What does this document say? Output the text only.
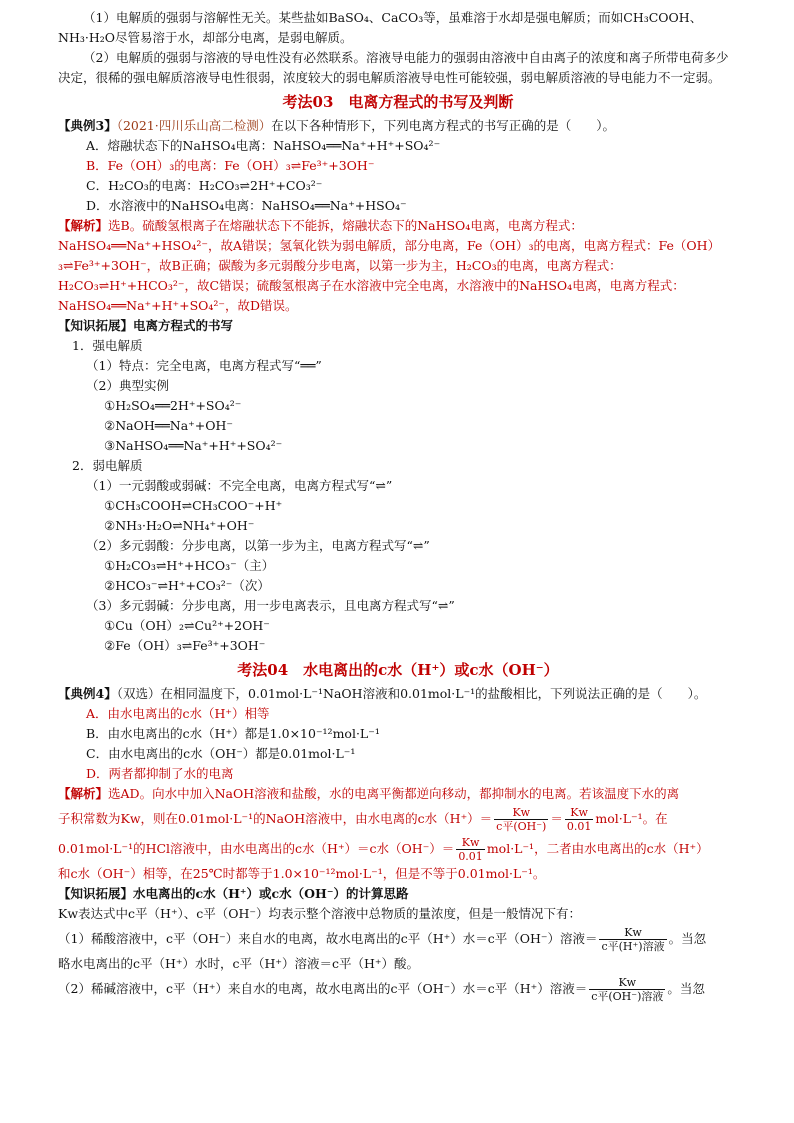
（1）电解质的强弱与溶解性无关。某些盐如BaSO₄、CaCO₃等，虽难溶于水却是强电解质；而如CH₃COOH、NH₃·H₂O尽管易溶于水，却部分电离，是弱电解质。

（2）电解质的强弱与溶液的导电性没有必然联系。溶液导电能力的强弱由溶液中自由离子的浓度和离子所带电荷多少决定，很稀的强电解质溶液导电性很弱，浓度较大的弱电解质溶液导电性可能较强，弱电解质溶液的导电能力不一定弱。

考法03　电离方程式的书写及判断

【典例3】（2021·四川乐山高二检测）在以下各种情形下，下列电离方程式的书写正确的是（　　）。

A．熔融状态下的NaHSO₄电离：NaHSO₄══Na⁺+H⁺+SO₄²⁻

B．Fe（OH）₃的电离：Fe（OH）₃⇌Fe³⁺+3OH⁻

C．H₂CO₃的电离：H₂CO₃⇌2H⁺+CO₃²⁻

D．水溶液中的NaHSO₄电离：NaHSO₄══Na⁺+HSO₄⁻

【解析】选B。硫酸氢根离子在熔融状态下不能拆，熔融状态下的NaHSO₄电离，电离方程式：NaHSO₄══Na⁺+HSO₄²⁻，故A错误；氢氧化铁为弱电解质，部分电离，Fe（OH）₃的电离，电离方程式：Fe（OH）₃⇌Fe³⁺+3OH⁻，故B正确；碳酸为多元弱酸分步电离，以第一步为主，H₂CO₃的电离，电离方程式：H₂CO₃⇌H⁺+HCO₃²⁻，故C错误；硫酸氢根离子在水溶液中完全电离，水溶液中的NaHSO₄电离，电离方程式：NaHSO₄══Na⁺+H⁺+SO₄²⁻，故D错误。

【知识拓展】电离方程式的书写

1．强电解质

（1）特点：完全电离，电离方程式写“══”

（2）典型实例

①H₂SO₄══2H⁺+SO₄²⁻

②NaOH══Na⁺+OH⁻

③NaHSO₄══Na⁺+H⁺+SO₄²⁻

2．弱电解质

（1）一元弱酸或弱碱：不完全电离，电离方程式写“⇌”

①CH₃COOH⇌CH₃COO⁻+H⁺

②NH₃·H₂O⇌NH₄⁺+OH⁻

（2）多元弱酸：分步电离，以第一步为主，电离方程式写“⇌”

①H₂CO₃⇌H⁺+HCO₃⁻（主）

②HCO₃⁻⇌H⁺+CO₃²⁻（次）

（3）多元弱碱：分步电离，用一步电离表示，且电离方程式写“⇌”

①Cu（OH）₂⇌Cu²⁺+2OH⁻

②Fe（OH）₃⇌Fe³⁺+3OH⁻

考法04　水电离出的c水（H⁺）或c水（OH⁻）

【典例4】（双选）在相同温度下，0.01mol·L⁻¹NaOH溶液和0.01mol·L⁻¹的盐酸相比，下列说法正确的是（　　）。

A．由水电离出的c水（H⁺）相等

B．由水电离出的c水（H⁺）都是1.0×10⁻¹²mol·L⁻¹

C．由水电离出的c水（OH⁻）都是0.01mol·L⁻¹

D．两者都抑制了水的电离

【解析】选AD。向水中加入NaOH溶液和盐酸，水的电离平衡都逆向移动，都抑制水的电离。若该温度下水的离

子积常数为Kw，则在0.01mol·L⁻¹的NaOH溶液中，由水电离的c水$(H^+)= \frac{Kw}{\text{c平(OH⁻)}} = \frac{Kw}{0.01} mol\cdot L^{-1}$。在

0.01mol·L⁻¹的HCl溶液中，由水电离出的c水（H⁺）＝c水$(OH^-)= \frac{Kw}{0.01} mol\cdot L^{-1}$，二者由水电离出的c水（H⁺）

和c水（OH⁻）相等，在25℃时都等于1.0×10⁻¹²mol·L⁻¹，但是不等于0.01mol·L⁻¹。

【知识拓展】水电离出的c水（H⁺）或c水（OH⁻）的计算思路

Kw表达式中c平（H⁺）、c平（OH⁻）均表示整个溶液中总物质的量浓度，但是一般情况下有：

（1）稀酸溶液中，c平（OH⁻）来自水的电离，故水电离出的c平（H⁺）水＝c平（OH⁻）溶液＝ $\frac{Kw}{\text{c平(H⁺)溶液}}$ 。当忽

略水电离出的c平（H⁺）水时，c平（H⁺）溶液＝c平（H⁺）酸。

（2）稀碱溶液中，c平（H⁺）来自水的电离，故水电离出的c平（OH⁻）水＝c平（H⁺）溶液＝ $\frac{Kw}{\text{c平(OH⁻)溶液}}$ 。当忽
